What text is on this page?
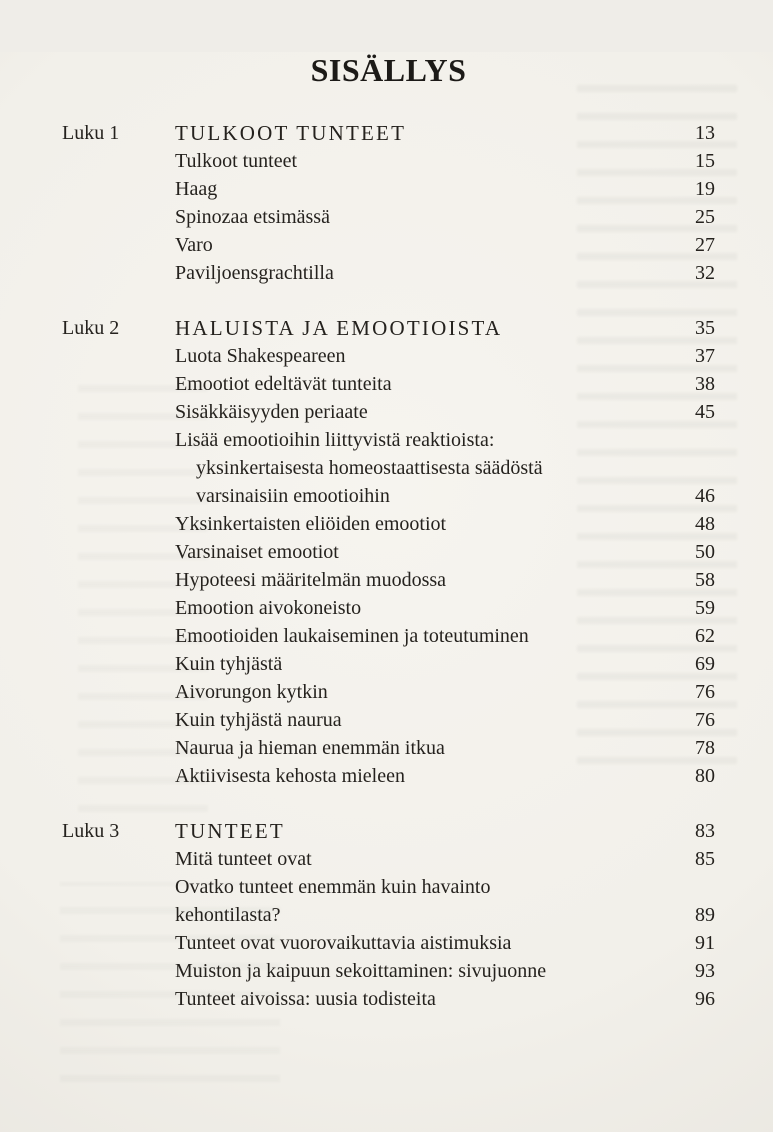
SISÄLLYS
Luku 1	TULKOOT TUNTEET	13
Tulkoot tunteet	15
Haag	19
Spinozaa etsimässä	25
Varo	27
Paviljoensgrachtilla	32
Luku 2	HALUISTA JA EMOOTIOISTA	35
Luota Shakespeareen	37
Emootiot edeltävät tunteita	38
Sisäkkäisyyden periaate	45
Lisää emootioihin liittyvistä reaktioista:
yksinkertaisesta homeostaattisesta säädöstä
varsinaisiin emootioihin	46
Yksinkertaisten eliöiden emootiot	48
Varsinaiset emootiot	50
Hypoteesi määritelmän muodossa	58
Emootion aivokoneisto	59
Emootioiden laukaiseminen ja toteutuminen	62
Kuin tyhjästä	69
Aivorungon kytkin	76
Kuin tyhjästä naurua	76
Naurua ja hieman enemmän itkua	78
Aktiivisesta kehosta mieleen	80
Luku 3	TUNTEET	83
Mitä tunteet ovat	85
Ovatko tunteet enemmän kuin havainto
kehontilasta?	89
Tunteet ovat vuorovaikuttavia aistimuksia	91
Muiston ja kaipuun sekoittaminen: sivujuonne	93
Tunteet aivoissa: uusia todisteita	96
